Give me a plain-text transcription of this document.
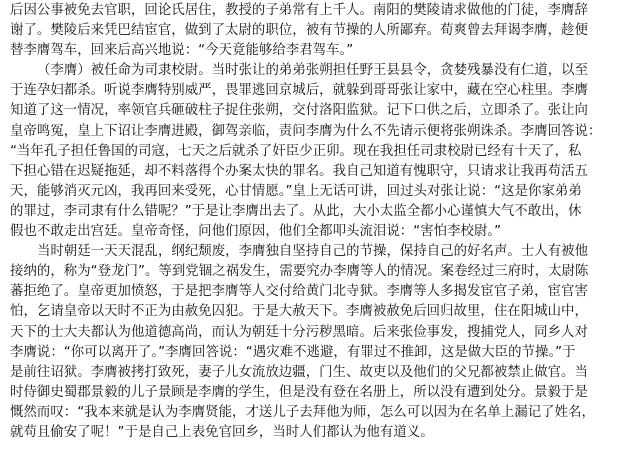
后因公事被免去官职，回论氏居住，教授的子弟常有上千人。南阳的樊陵请求做他的门徒，李膺辞
谢了。樊陵后来凭巴结宦官，做到了太尉的职位，被有节操的人所鄙弃。荀爽曾去拜谒李膺，趁便
替李膺驾车，回来后高兴地说：“今天竟能够给李君驾车。”
（李膺）被任命为司隶校尉。当时张让的弟弟张朔担任野王县县令，贪婪残暴没有仁道，以至
于连孕妇都杀。听说李膺特别威严，畏罪逃回京城后，就躲到哥哥张让家中，藏在空心柱里。李膺
知道了这一情况，率领官兵砸破柱子捉住张朔，交付洛阳监狱。记下口供之后，立即杀了。张让向
皇帝鸣冤，皇上下诏让李膺进殿，御驾亲临，责问李膺为什么不先请示便将张朔诛杀。李膺回答说：
“当年孔子担任鲁国的司寇，七天之后就杀了奸臣少正卯。现在我担任司隶校尉已经有十天了，私
下担心错在迟疑拖延，却不料落得个办案太快的罪名。我自己知道有愧职守，只请求让我再苟活五
天，能够消灭元凶，我再回来受死，心甘情愿。”皇上无话可讲，回过头对张让说：“这是你家弟弟
的罪过，李司隶有什么错呢？”于是让李膺出去了。从此，大小太监全都小心谨慎大气不敢出，休
假也不敢走出宫廷。皇帝奇怪，问他们原因，他们全都叩头流泪说：“害怕李校尉。”
当时朝廷一天天混乱，纲纪颓废，李膺独自坚持自己的节操，保持自己的好名声。士人有被他
接纳的，称为“登龙门”。等到党锢之祸发生，需要究办李膺等人的情况。案卷经过三府时，太尉陈
蕃拒绝了。皇帝更加愤怒，于是把李膺等人交付给黄门北寺狱。李膺等人多揭发宦官子弟，宦官害
怕，乞请皇帝以天时不正为由赦免囚犯。于是大赦天下。李膺被赦免后回归故里，住在阳城山中，
天下的士大夫都认为他道德高尚，而认为朝廷十分污秽黑暗。后来张俭事发，搜捕党人，同乡人对
李膺说：“你可以离开了。”李膺回答说：“遇灾难不逃避，有罪过不推卸，这是做大臣的节操。”于
是前往诏狱。李膺被拷打致死，妻子儿女流放边疆，门生、故吏以及他们的父兄都被禁止做官。当
时侍御史蜀郡景毅的儿子景顾是李膺的学生，但是没有登在名册上，所以没有遭到处分。景毅于是
慨然而叹：“我本来就是认为李膺贤能，才送儿子去拜他为师，怎么可以因为在名单上漏记了姓名，
就苟且偷安了呢！”于是自己上表免官回乡，当时人们都认为他有道义。
